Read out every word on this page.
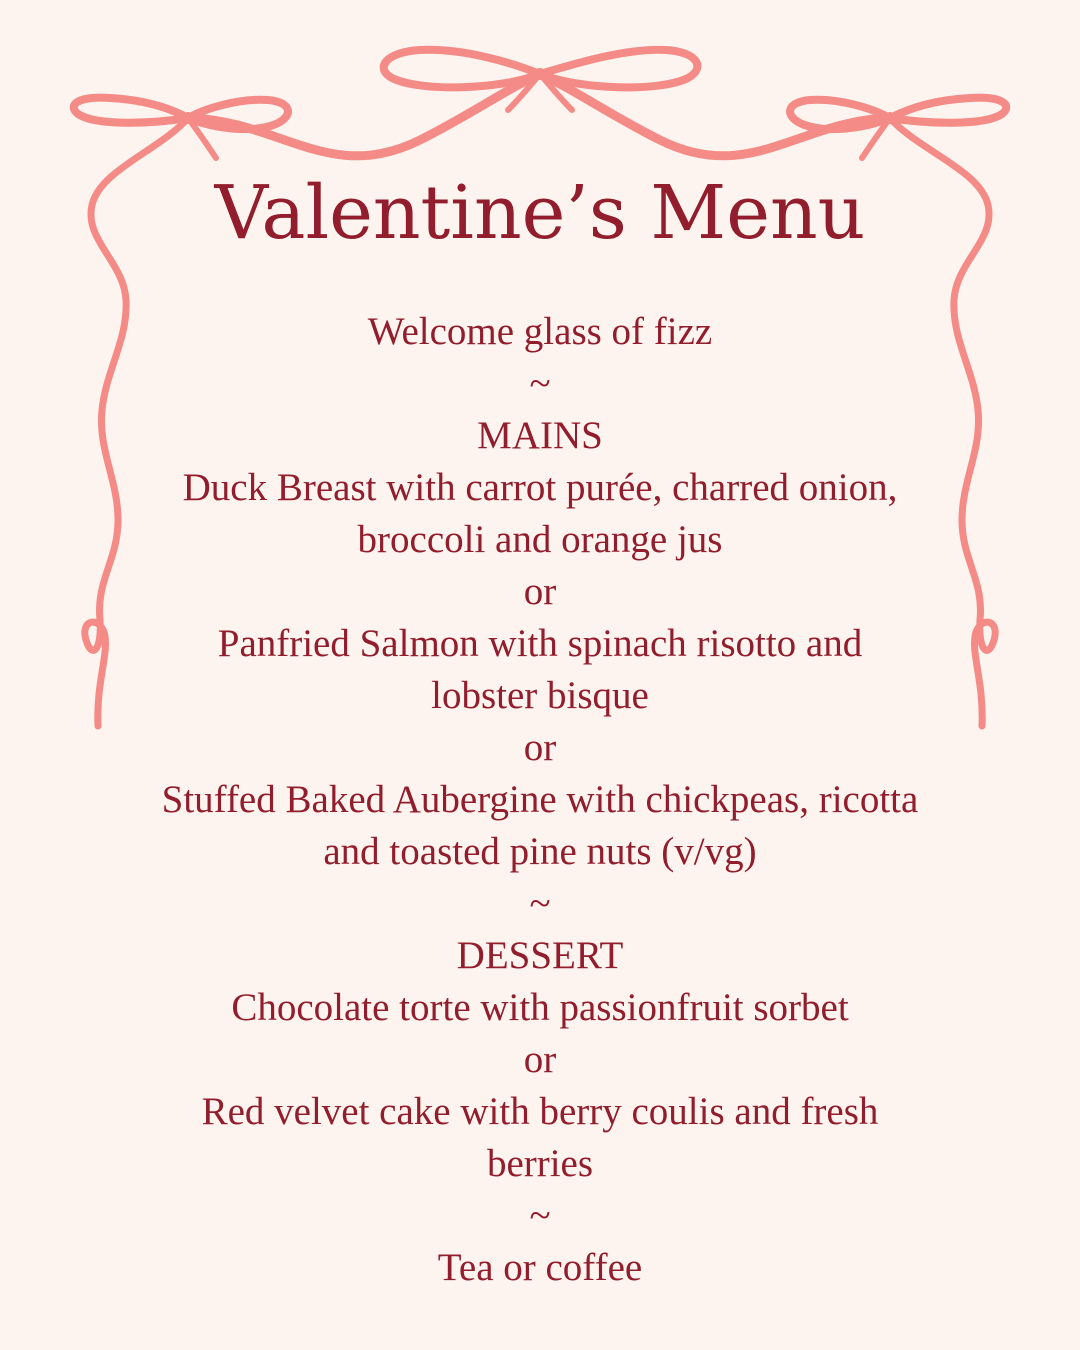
Valentine’s Menu
Welcome glass of fizz
~
MAINS
Duck Breast with carrot purée, charred onion,
broccoli and orange jus
or
Panfried Salmon with spinach risotto and
lobster bisque
or
Stuffed Baked Aubergine with chickpeas, ricotta
and toasted pine nuts (v/vg)
~
DESSERT
Chocolate torte with passionfruit sorbet
or
Red velvet cake with berry coulis and fresh
berries
~
Tea or coffee
